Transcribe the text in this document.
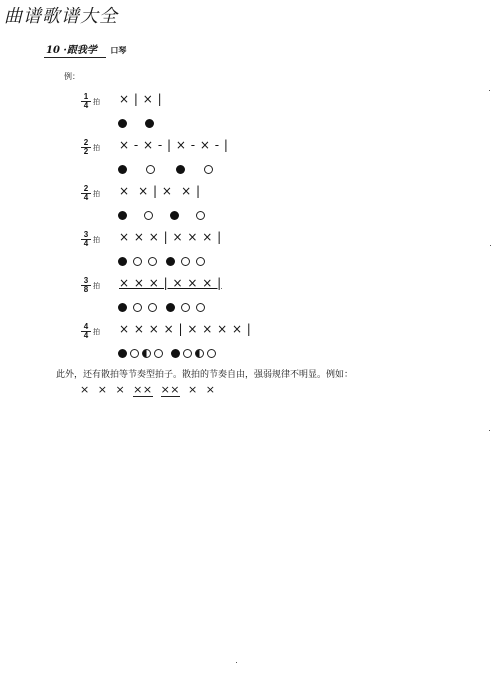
曲谱歌谱大全
10 ·跟我学 口琴
例：
$\frac{1}{4}$ 拍 × | × |

$\frac{2}{2}$ 拍 × - × - | × - × - |
$\frac{2}{4}$ 拍 ×  × | ×  × |
$\frac{3}{4}$ 拍 × × × | × × × |
$\frac{3}{8}$ 拍 × × × | × × × |
$\frac{4}{4}$ 拍 × × × × | × × × × |
此外，还有散拍等节奏型拍子。散拍的节奏自由，强弱规律不明显。例如：
× × × ×× ×× × ×
